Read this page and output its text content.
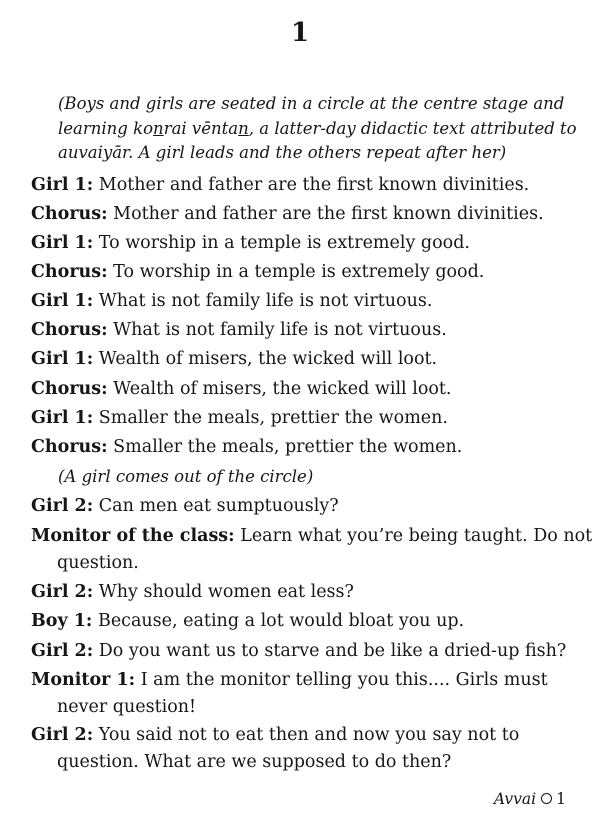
1
(Boys and girls are seated in a circle at the centre stage and learning konrai vēntan, a latter-day didactic text attributed to auvaiyār. A girl leads and the others repeat after her)

Girl 1: Mother and father are the first known divinities.

Chorus: Mother and father are the first known divinities.

Girl 1: To worship in a temple is extremely good.

Chorus: To worship in a temple is extremely good.

Girl 1: What is not family life is not virtuous.

Chorus: What is not family life is not virtuous.

Girl 1: Wealth of misers, the wicked will loot.

Chorus: Wealth of misers, the wicked will loot.

Girl 1: Smaller the meals, prettier the women.

Chorus: Smaller the meals, prettier the women.

(A girl comes out of the circle)

Girl 2: Can men eat sumptuously?

Monitor of the class: Learn what you’re being taught. Do not question.

Girl 2: Why should women eat less?

Boy 1: Because, eating a lot would bloat you up.

Girl 2: Do you want us to starve and be like a dried-up fish?

Monitor 1: I am the monitor telling you this.... Girls must never question!

Girl 2: You said not to eat then and now you say not to question. What are we supposed to do then?

Avvai 1
